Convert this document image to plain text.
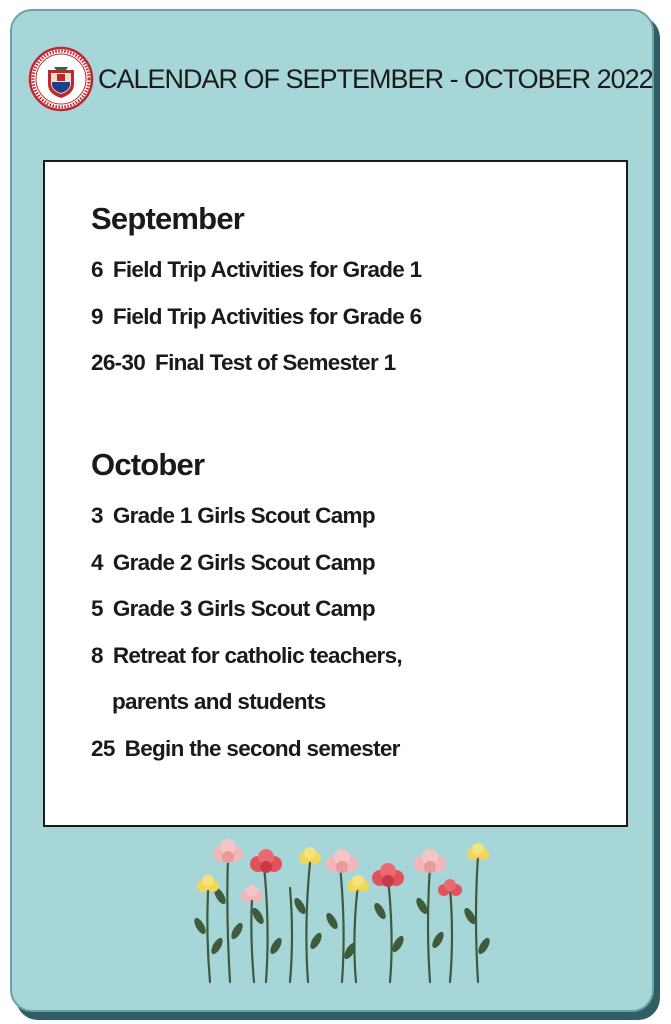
CALENDAR OF SEPTEMBER - OCTOBER 2022
September
6 Field Trip Activities for Grade 1
9 Field Trip Activities for Grade 6
26-30 Final Test of Semester 1
October
3 Grade 1 Girls Scout Camp
4 Grade 2 Girls Scout Camp
5 Grade 3 Girls Scout Camp
8 Retreat for catholic teachers,
parents and students
25 Begin the second semester
